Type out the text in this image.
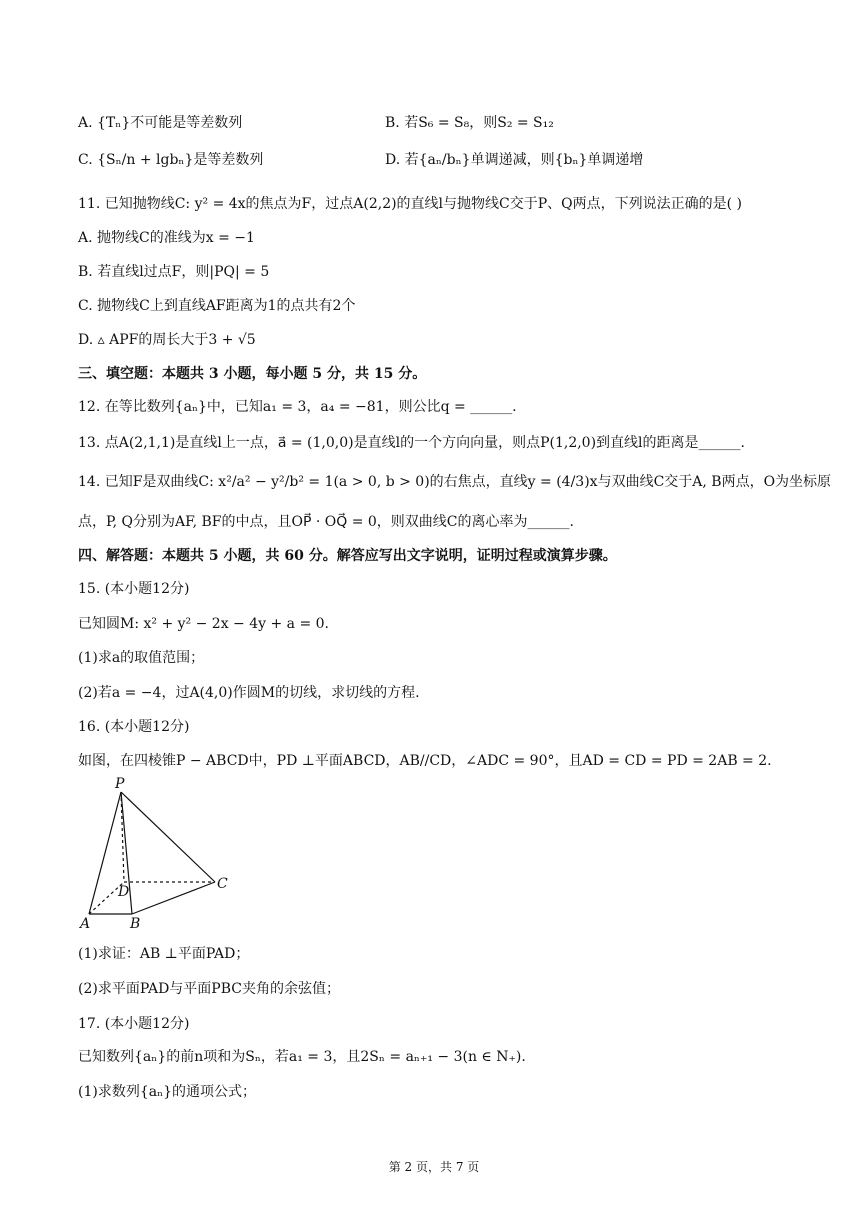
A. {Tₙ}不可能是等差数列	B. 若S₆ = S₈，则S₂ = S₁₂
C. {Sₙ/n + lgbₙ}是等差数列	D. 若{aₙ/bₙ}单调递减，则{bₙ}单调递增
11. 已知抛物线C: y² = 4x的焦点为F，过点A(2,2)的直线l与抛物线C交于P、Q两点，下列说法正确的是( )
A. 抛物线C的准线为x = −1
B. 若直线l过点F，则|PQ| = 5
C. 抛物线C上到直线AF距离为1的点共有2个
D. ▵ APF的周长大于3 + √5
三、填空题：本题共 3 小题，每小题 5 分，共 15 分。
12. 在等比数列{aₙ}中，已知a₁ = 3，a₄ = −81，则公比q = ______.
13. 点A(2,1,1)是直线l上一点，a⃗ = (1,0,0)是直线l的一个方向向量，则点P(1,2,0)到直线l的距离是______.
14. 已知F是双曲线C: x²/a² − y²/b² = 1(a > 0, b > 0)的右焦点，直线y = (4/3)x与双曲线C交于A, B两点，O为坐标原
点，P, Q分别为AF, BF的中点，且OP⃗ · OQ⃗ = 0，则双曲线C的离心率为______.
四、解答题：本题共 5 小题，共 60 分。解答应写出文字说明，证明过程或演算步骤。
15. (本小题12分)
已知圆M: x² + y² − 2x − 4y + a = 0.
(1)求a的取值范围；
(2)若a = −4，过A(4,0)作圆M的切线，求切线的方程.
16. (本小题12分)
如图，在四棱锥P − ABCD中，PD ⊥平面ABCD，AB//CD，∠ADC = 90°，且AD = CD = PD = 2AB = 2.
P
D	C
A	B
(1)求证：AB ⊥平面PAD；
(2)求平面PAD与平面PBC夹角的余弦值；
17. (本小题12分)
已知数列{aₙ}的前n项和为Sₙ，若a₁ = 3，且2Sₙ = aₙ₊₁ − 3(n ∈ N₊).
(1)求数列{aₙ}的通项公式；
第 2 页，共 7 页
